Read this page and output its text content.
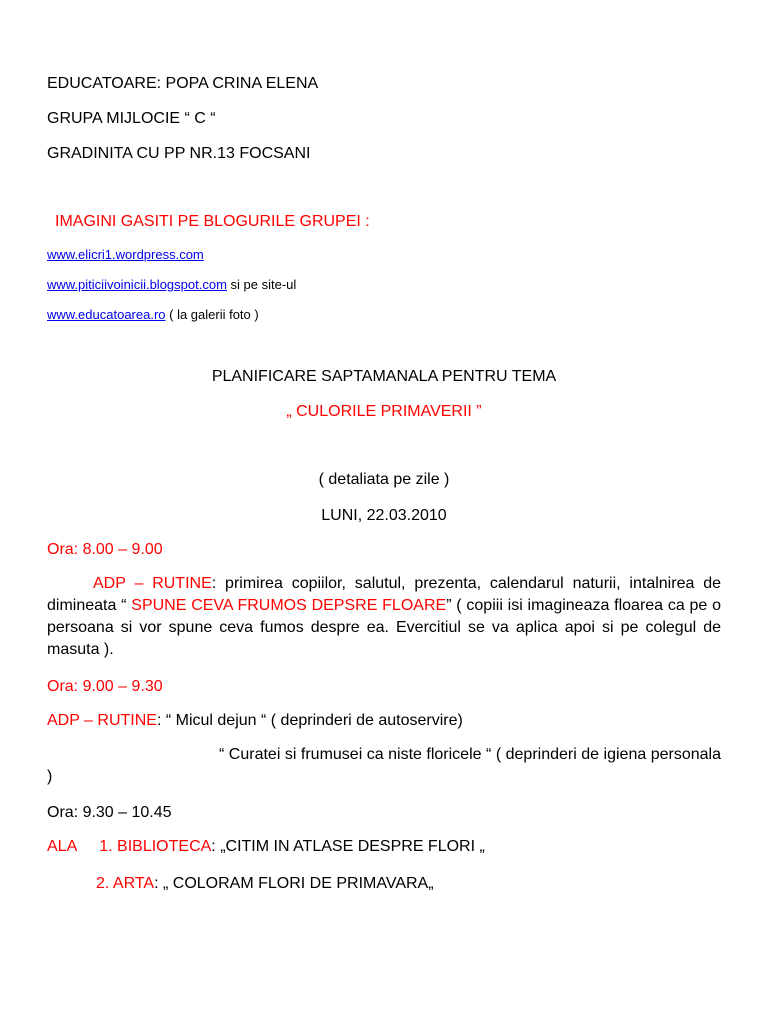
EDUCATOARE: POPA CRINA ELENA
GRUPA MIJLOCIE “ C “
GRADINITA CU PP NR.13 FOCSANI
IMAGINI GASITI PE BLOGURILE GRUPEI :
www.elicri1.wordpress.com
www.piticiivoinicii.blogspot.com si pe site-ul
www.educatoarea.ro ( la galerii foto )
PLANIFICARE SAPTAMANALA PENTRU TEMA
„ CULORILE PRIMAVERII ”
( detaliata pe zile )
LUNI, 22.03.2010
Ora: 8.00 – 9.00
ADP – RUTINE: primirea copiilor, salutul, prezenta, calendarul naturii, intalnirea de dimineata “ SPUNE CEVA FRUMOS DEPSRE FLOARE” ( copiii isi imagineaza floarea ca pe o persoana si vor spune ceva fumos despre ea. Evercitiul se va aplica apoi si pe colegul de masuta ).
Ora: 9.00 – 9.30
ADP – RUTINE: “ Micul dejun “ ( deprinderi de autoservire)
“ Curatei si frumusei ca niste floricele “ ( deprinderi de igiena personala )
Ora: 9.30 – 10.45
ALA 1. BIBLIOTECA: „CITIM IN ATLASE DESPRE FLORI „
2. ARTA: „ COLORAM FLORI DE PRIMAVARA„
